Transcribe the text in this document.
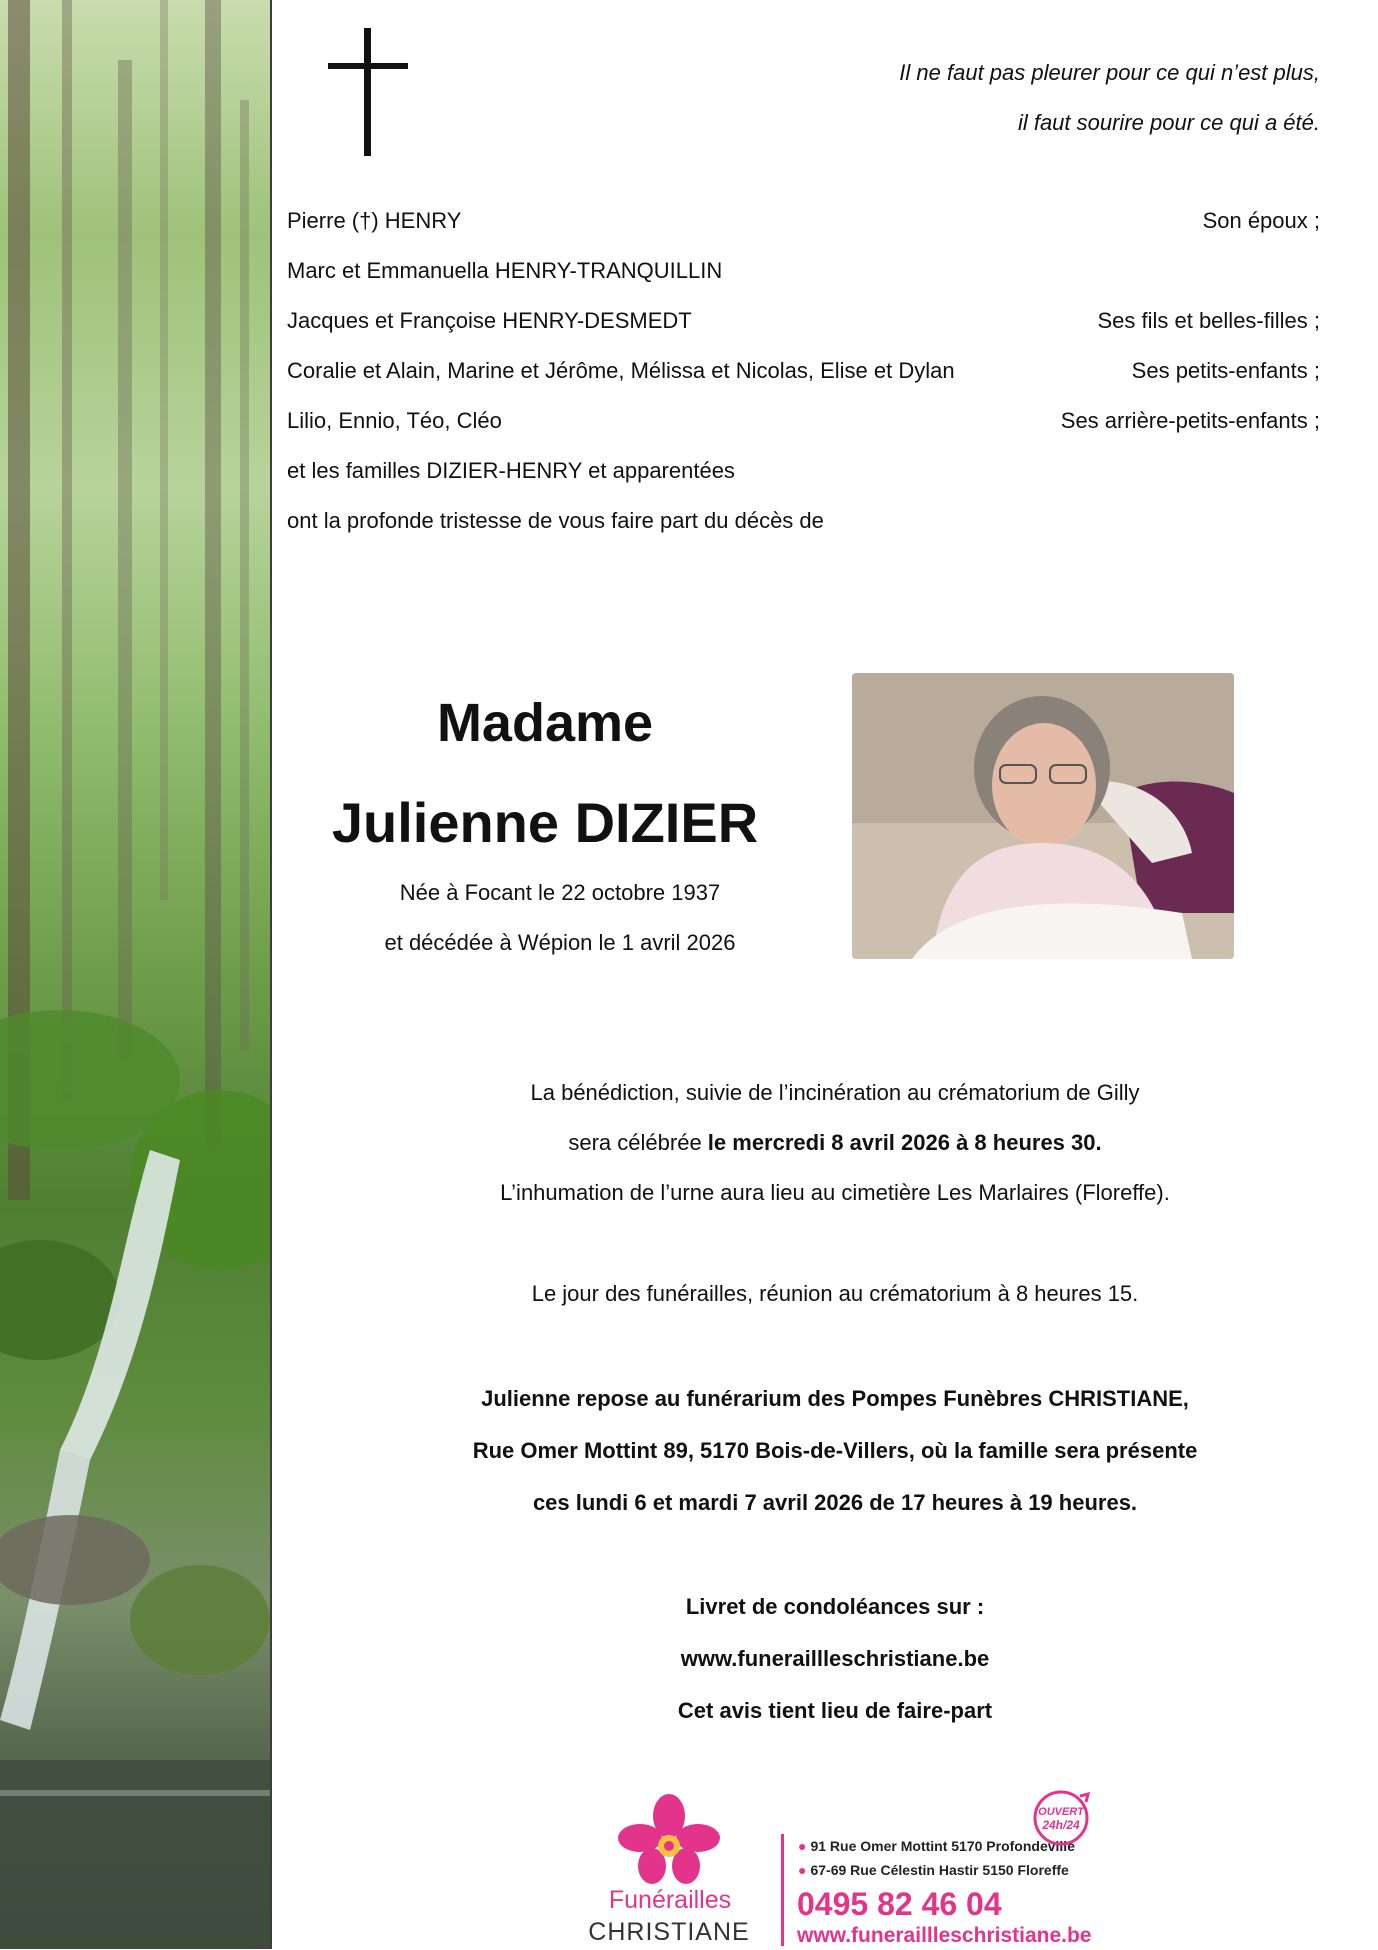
Il ne faut pas pleurer pour ce qui n’est plus,
il faut sourire pour ce qui a été.
Pierre (†) HENRY	Son époux ;
Marc et Emmanuella HENRY-TRANQUILLIN
Jacques et Françoise HENRY-DESMEDT	Ses fils et belles-filles ;
Coralie et Alain, Marine et Jérôme, Mélissa et Nicolas, Elise et Dylan	Ses petits-enfants ;
Lilio, Ennio, Téo, Cléo	Ses arrière-petits-enfants ;
et les familles DIZIER-HENRY et apparentées
ont la profonde tristesse de vous faire part du décès de
Madame
Julienne DIZIER
Née à Focant le 22 octobre 1937
et décédée à Wépion le 1 avril 2026
La bénédiction, suivie de l’incinération au crématorium de Gilly
sera célébrée le mercredi 8 avril 2026 à 8 heures 30.
L’inhumation de l’urne aura lieu au cimetière Les Marlaires (Floreffe).
Le jour des funérailles, réunion au crématorium à 8 heures 15.
Julienne repose au funérarium des Pompes Funèbres CHRISTIANE,
Rue Omer Mottint 89, 5170 Bois-de-Villers, où la famille sera présente
ces lundi 6 et mardi 7 avril 2026 de 17 heures à 19 heures.
Livret de condoléances sur :
www.funeraillleschristiane.be
Cet avis tient lieu de faire-part
Funérailles
CHRISTIANE
● 91 Rue Omer Mottint 5170 Profondeville
● 67-69 Rue Célestin Hastir 5150 Floreffe
0495 82 46 04
www.funeraillleschristiane.be
OUVERT
24h/24
